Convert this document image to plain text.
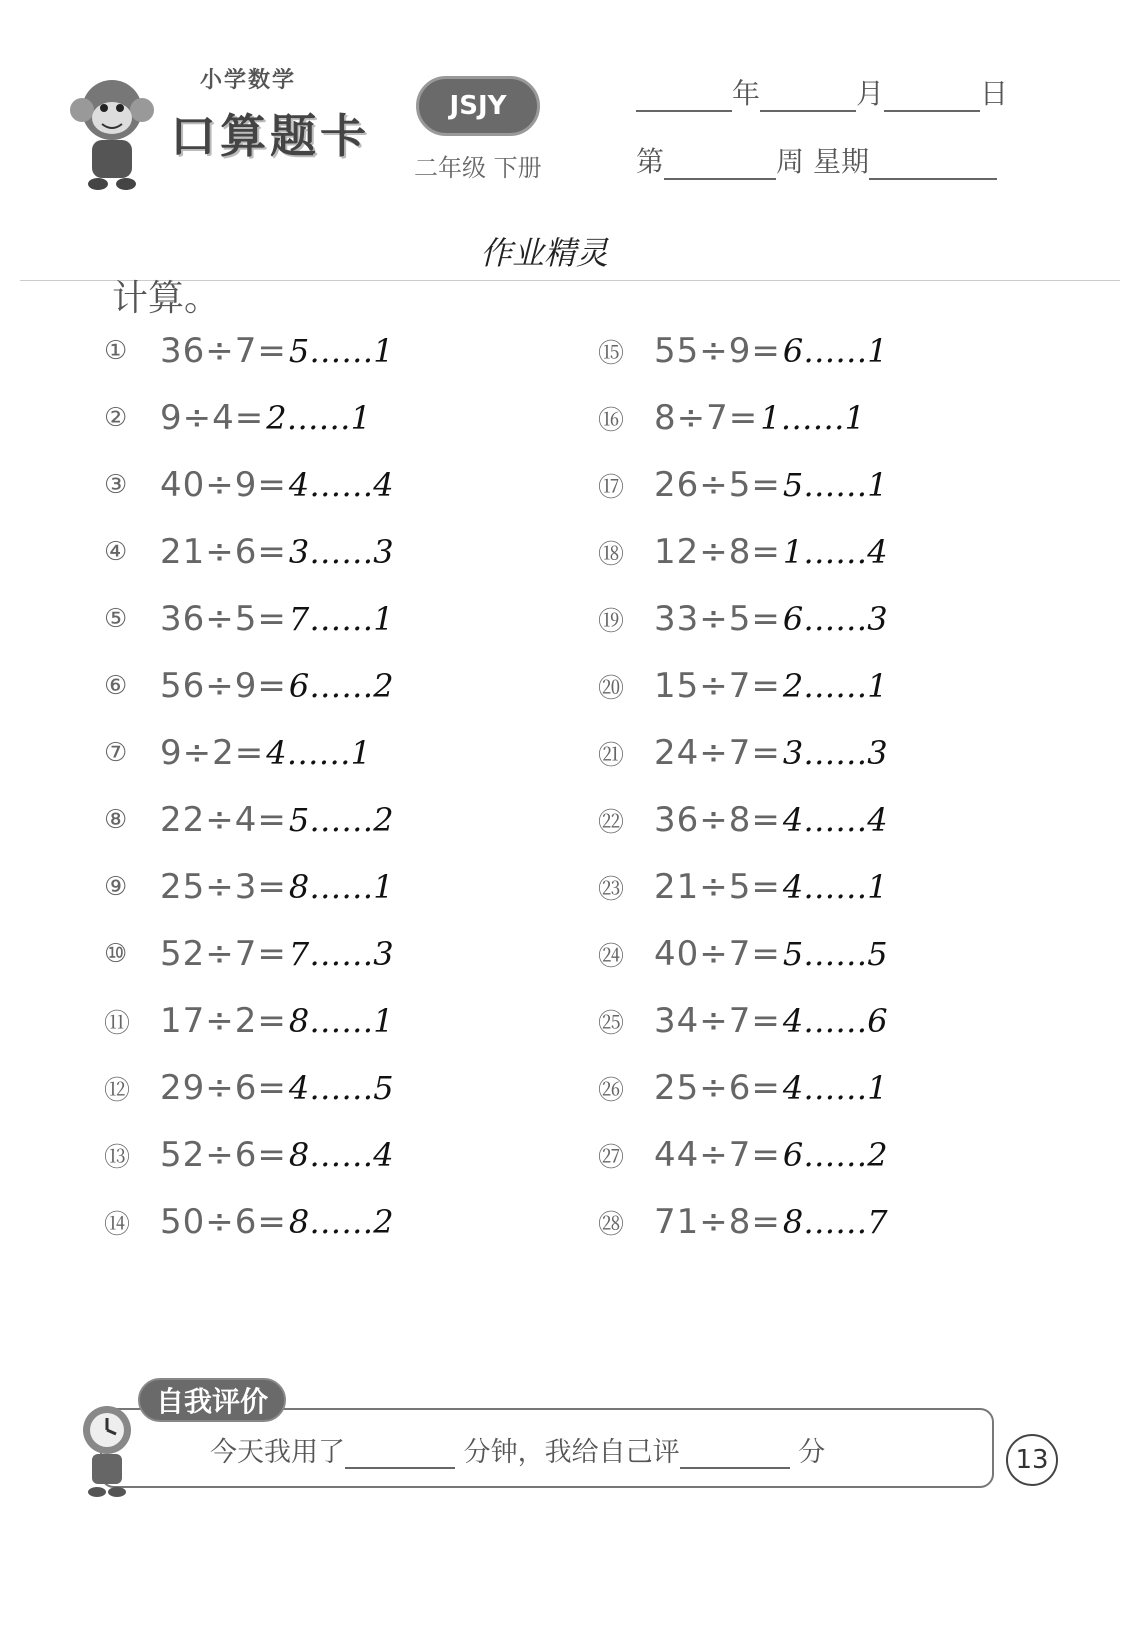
小学数学
口算题卡
JSJY
二年级 下册
年	月	日
第	周 星期
作业精灵
计算。
① 36÷7= 5……1
② 9÷4= 2……1
③ 40÷9= 4……4
④ 21÷6= 3……3
⑤ 36÷5= 7……1
⑥ 56÷9= 6……2
⑦ 9÷2= 4……1
⑧ 22÷4= 5……2
⑨ 25÷3= 8……1
⑩ 52÷7= 7……3
⑪ 17÷2= 8……1
⑫ 29÷6= 4……5
⑬ 52÷6= 8……4
⑭ 50÷6= 8……2
⑮ 55÷9= 6……1
⑯ 8÷7= 1……1
⑰ 26÷5= 5……1
⑱ 12÷8= 1……4
⑲ 33÷5= 6……3
⑳ 15÷7= 2……1
㉑ 24÷7= 3……3
㉒ 36÷8= 4……4
㉓ 21÷5= 4……1
㉔ 40÷7= 5……5
㉕ 34÷7= 4……6
㉖ 25÷6= 4……1
㉗ 44÷7= 6……2
㉘ 71÷8= 8……7
自我评价
今天我用了	分钟，我给自己评	分	13
